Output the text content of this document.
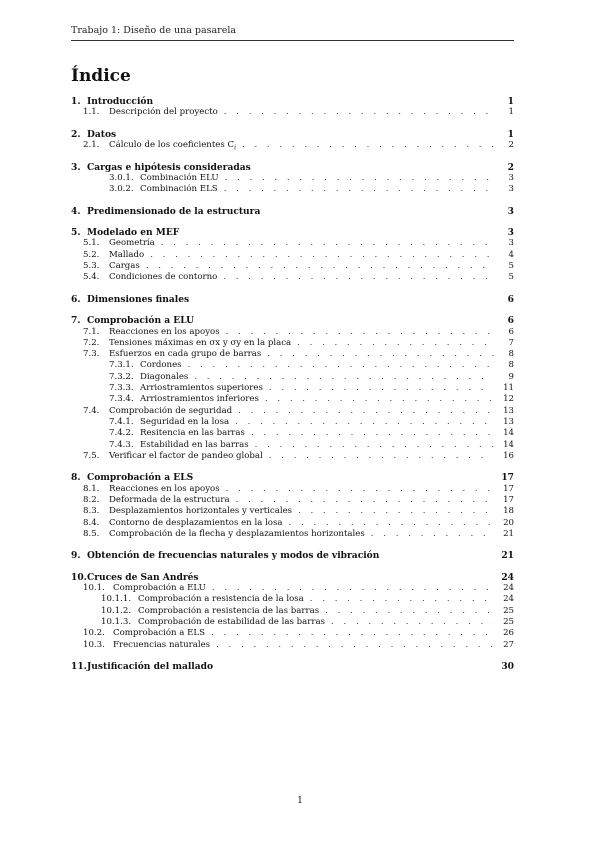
Trabajo 1: Diseño de una pasarela
Índice
1. Introducción	1
1.1.	Descripción del proyecto . . .	1
2. Datos	1
2.1.	Cálculo de los coeficientes $C_i$ . . .	2
3. Cargas e hipótesis consideradas	2
3.0.1. Combinación ELU . . .	3
3.0.2. Combinación ELS . . .	3
4. Predimensionado de la estructura	3
5. Modelado en MEF	3
5.1.	Geometría . . .	3
5.2.	Mallado . . .	4
5.3.	Cargas . . .	5
5.4.	Condiciones de contorno . . .	5
6. Dimensiones finales	6
7. Comprobación a ELU	6
7.1.	Reacciones en los apoyos . . .	6
7.2.	Tensiones máximas en σx y σy en la placa . . .	7
7.3.	Esfuerzos en cada grupo de barras . . .	8
7.3.1. Cordones . . .	8
7.3.2. Diagonales . . .	9
7.3.3. Arriostramientos superiores . . .	11
7.3.4. Arriostramientos inferiores . . .	12
7.4.	Comprobación de seguridad . . .	13
7.4.1. Seguridad en la losa . . .	13
7.4.2. Resitencia en las barras . . .	14
7.4.3. Estabilidad en las barras . . .	14
7.5.	Verificar el factor de pandeo global . . .	16
8. Comprobación a ELS	17
8.1.	Reacciones en los apoyos . . .	17
8.2.	Deformada de la estructura . . .	17
8.3.	Desplazamientos horizontales y verticales . . .	18
8.4.	Contorno de desplazamientos en la losa . . .	20
8.5.	Comprobación de la flecha y desplazamientos horizontales . . .	21
9. Obtención de frecuencias naturales y modos de vibración	21
10. Cruces de San Andrés	24
10.1. Comprobación a ELU . . .	24
10.1.1. Comprobación a resistencia de la losa . . .	24
10.1.2. Comprobación a resistencia de las barras . . .	25
10.1.3. Comprobación de estabilidad de las barras . . .	25
10.2. Comprobación a ELS . . .	26
10.3. Frecuencias naturales . . .	27
11. Justificación del mallado	30
1
